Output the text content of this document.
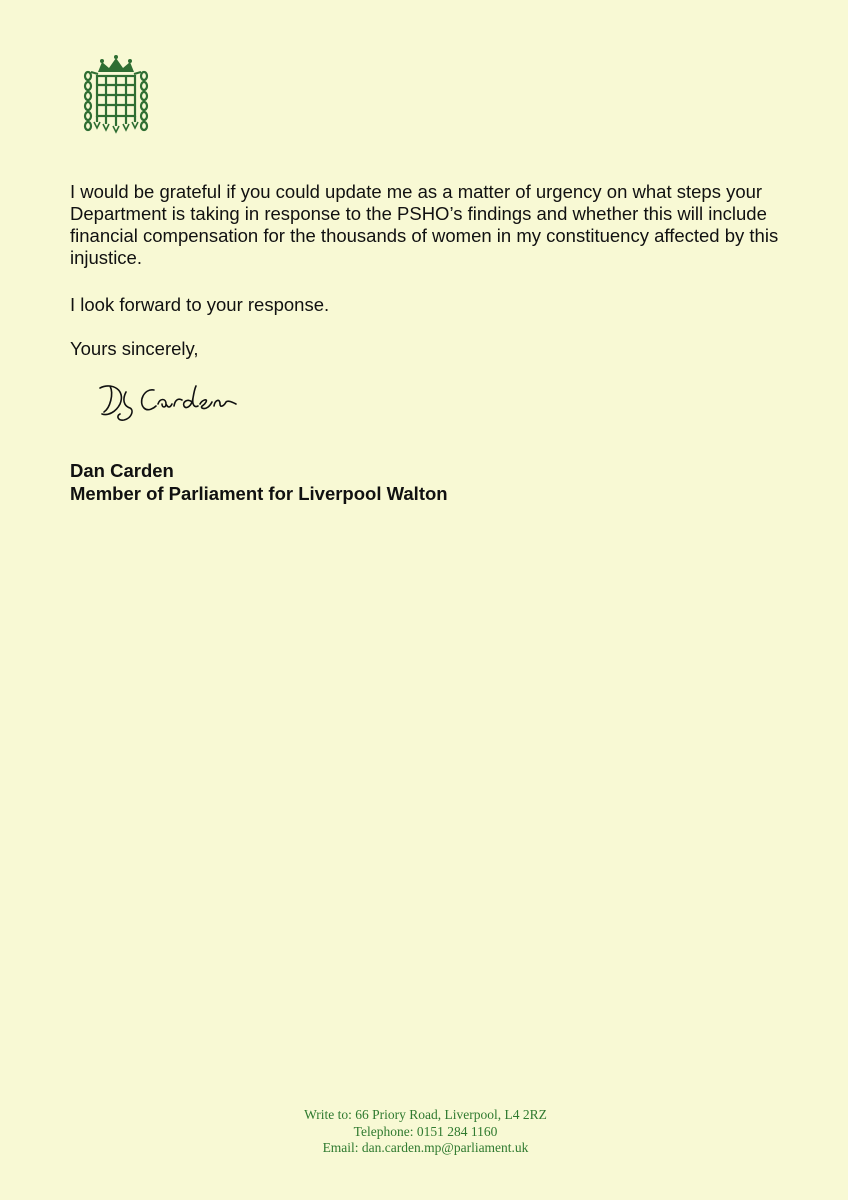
I would be grateful if you could update me as a matter of urgency on what steps your Department is taking in response to the PSHO’s findings and whether this will include financial compensation for the thousands of women in my constituency affected by this injustice.

I look forward to your response.

Yours sincerely,

Dan Carden
Member of Parliament for Liverpool Walton
Write to: 66 Priory Road, Liverpool, L4 2RZ
Telephone: 0151 284 1160
Email: dan.carden.mp@parliament.uk
